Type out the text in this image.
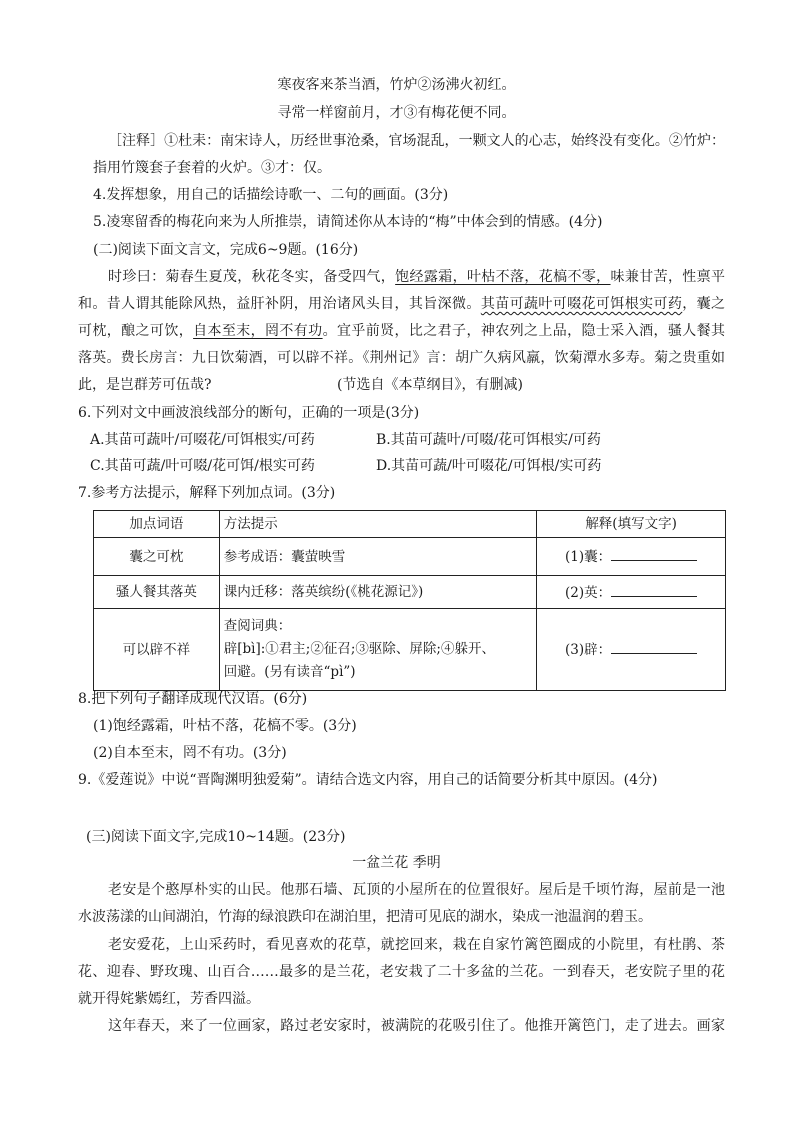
寒夜客来茶当酒，竹炉②汤沸火初红。
寻常一样窗前月，才③有梅花便不同。
［注释］①杜耒：南宋诗人，历经世事沧桑，官场混乱，一颗文人的心志，始终没有变化。②竹炉：
指用竹篾套子套着的火炉。③才：仅。
4.发挥想象，用自己的话描绘诗歌一、二句的画面。(3分)
5.凌寒留香的梅花向来为人所推崇，请简述你从本诗的“梅”中体会到的情感。(4分)
(二)阅读下面文言文，完成6~9题。(16分)
时珍曰：菊春生夏茂，秋花冬实，备受四气，饱经露霜，叶枯不落，花槁不零，味兼甘苦，性禀平
和。昔人谓其能除风热，益肝补阴，用治诸风头目，其旨深微。其苗可蔬叶可啜花可饵根实可药，囊之
可枕，酿之可饮，自本至末，罔不有功。宜乎前贤，比之君子，神农列之上品，隐士采入酒，骚人餐其
落英。费长房言：九日饮菊酒，可以辟不祥。《荆州记》言：胡广久病风羸，饮菊潭水多寿。菊之贵重如
此，是岂群芳可伍哉?	(节选自《本草纲目》，有删减)
6.下列对文中画波浪线部分的断句，正确的一项是(3分)
A.其苗可蔬叶/可啜花/可饵根实/可药	B.其苗可蔬叶/可啜/花可饵根实/可药
C.其苗可蔬/叶可啜/花可饵/根实可药	D.其苗可蔬/叶可啜花/可饵根/实可药
7.参考方法提示，解释下列加点词。(3分)
加点词语	方法提示	解释(填写文字)
囊之可枕	参考成语：囊萤映雪	(1)囊：
骚人餐其落英	课内迁移：落英缤纷(《桃花源记》)	(2)英：
可以辟不祥	查阅词典：
辟[bì]:①君主;②征召;③驱除、屏除;④躲开、
回避。(另有读音“pì”)	(3)辟：
8.把下列句子翻译成现代汉语。(6分)
(1)饱经露霜，叶枯不落，花槁不零。(3分)
(2)自本至末，罔不有功。(3分)
9.《爱莲说》中说“晋陶渊明独爱菊”。请结合选文内容，用自己的话简要分析其中原因。(4分)
(三)阅读下面文字,完成10~14题。(23分)
一盆兰花 季明
老安是个憨厚朴实的山民。他那石墙、瓦顶的小屋所在的位置很好。屋后是千顷竹海，屋前是一池
水波荡漾的山间湖泊，竹海的绿浪跌印在湖泊里，把清可见底的湖水，染成一池温润的碧玉。
老安爱花，上山采药时，看见喜欢的花草，就挖回来，栽在自家竹篱笆圈成的小院里，有杜鹃、茶
花、迎春、野玫瑰、山百合……最多的是兰花，老安栽了二十多盆的兰花。一到春天，老安院子里的花
就开得姹紫嫣红，芳香四溢。
这年春天，来了一位画家，路过老安家时，被满院的花吸引住了。他推开篱笆门，走了进去。画家
